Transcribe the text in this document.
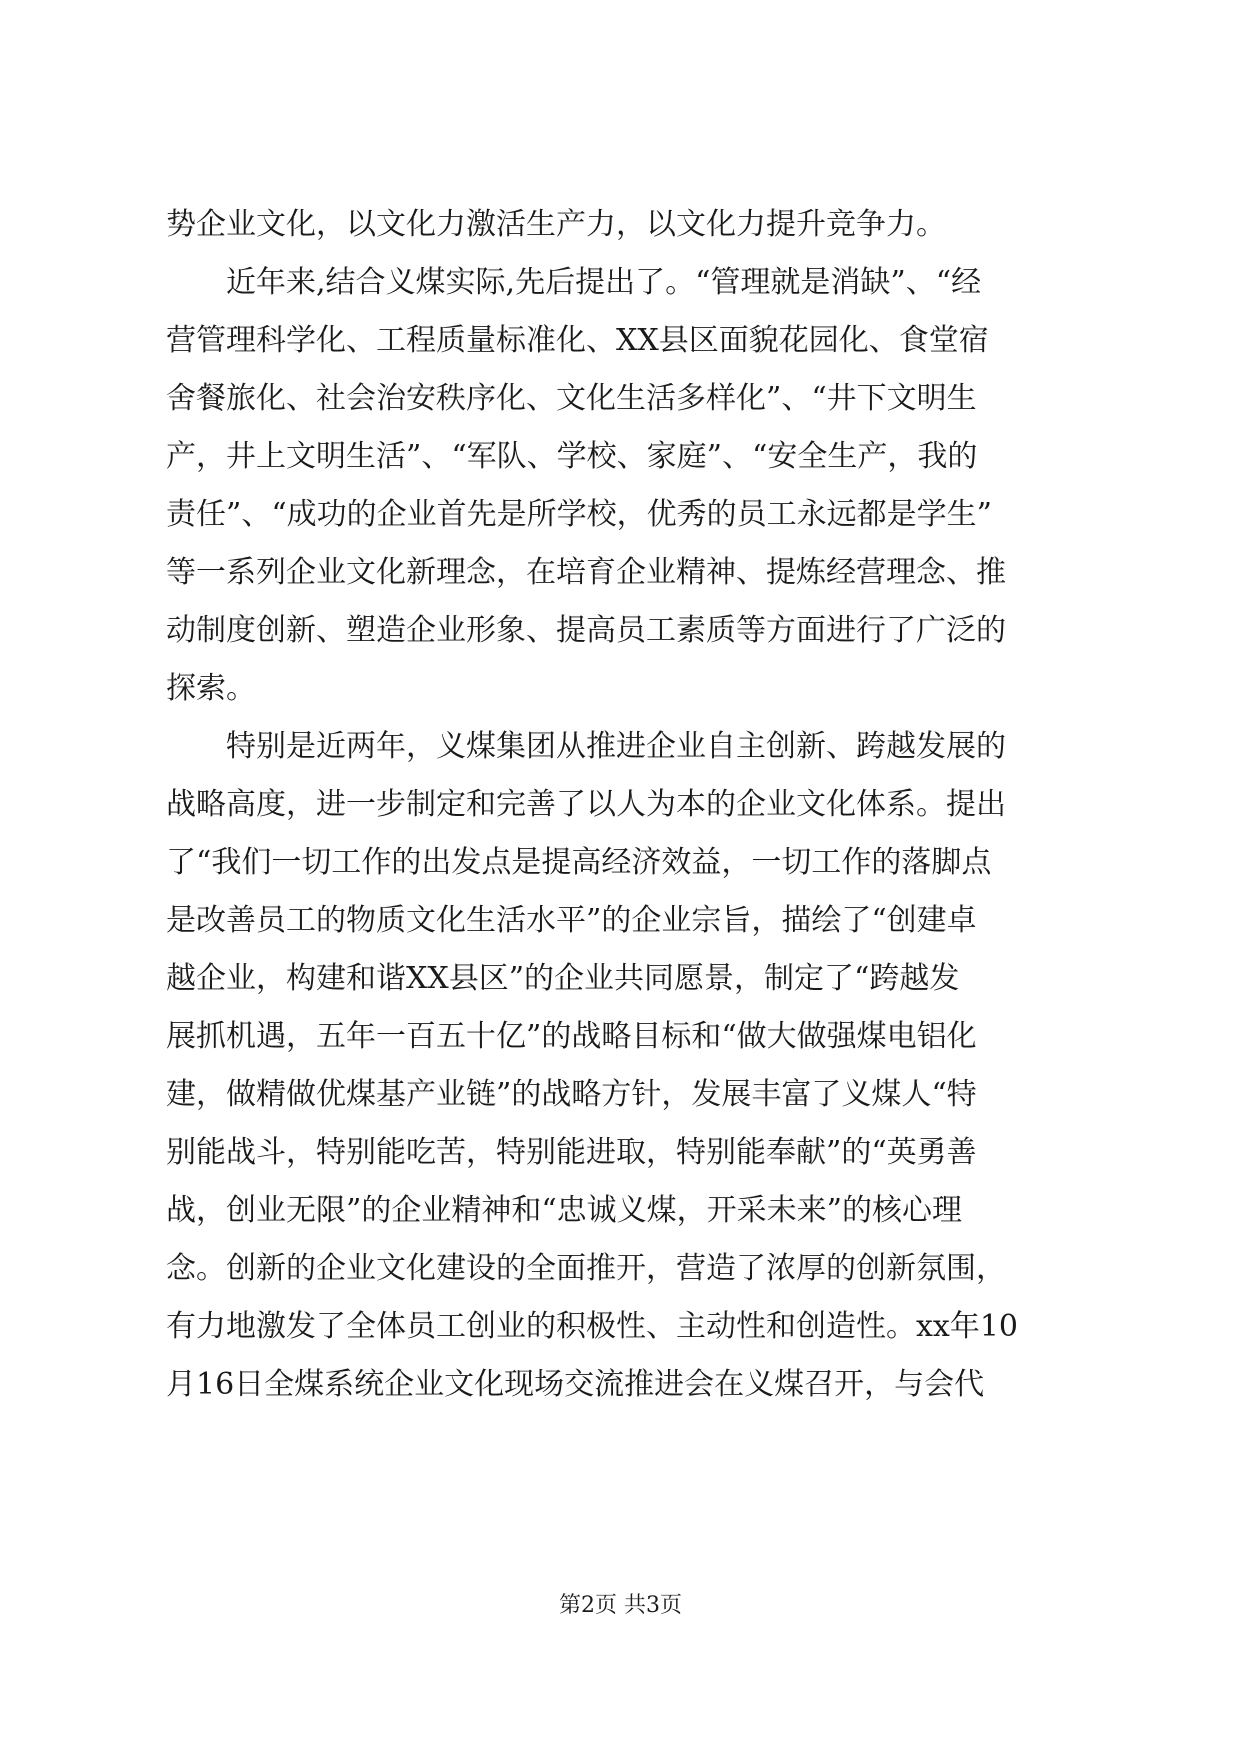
势企业文化，以文化力激活生产力，以文化力提升竞争力。
　　近年来,结合义煤实际,先后提出了。“管理就是消缺”、“经
营管理科学化、工程质量标准化、XX县区面貌花园化、食堂宿
舍餐旅化、社会治安秩序化、文化生活多样化”、“井下文明生
产，井上文明生活”、“军队、学校、家庭”、“安全生产，我的
责任”、“成功的企业首先是所学校，优秀的员工永远都是学生”
等一系列企业文化新理念，在培育企业精神、提炼经营理念、推
动制度创新、塑造企业形象、提高员工素质等方面进行了广泛的
探索。
　　特别是近两年，义煤集团从推进企业自主创新、跨越发展的
战略高度，进一步制定和完善了以人为本的企业文化体系。提出
了“我们一切工作的出发点是提高经济效益，一切工作的落脚点
是改善员工的物质文化生活水平”的企业宗旨，描绘了“创建卓
越企业，构建和谐XX县区”的企业共同愿景，制定了“跨越发
展抓机遇，五年一百五十亿”的战略目标和“做大做强煤电铝化
建，做精做优煤基产业链”的战略方针，发展丰富了义煤人“特
别能战斗，特别能吃苦，特别能进取，特别能奉献”的“英勇善
战，创业无限”的企业精神和“忠诚义煤，开采未来”的核心理
念。创新的企业文化建设的全面推开，营造了浓厚的创新氛围，
有力地激发了全体员工创业的积极性、主动性和创造性。xx年10
月16日全煤系统企业文化现场交流推进会在义煤召开，与会代
第2页 共3页
